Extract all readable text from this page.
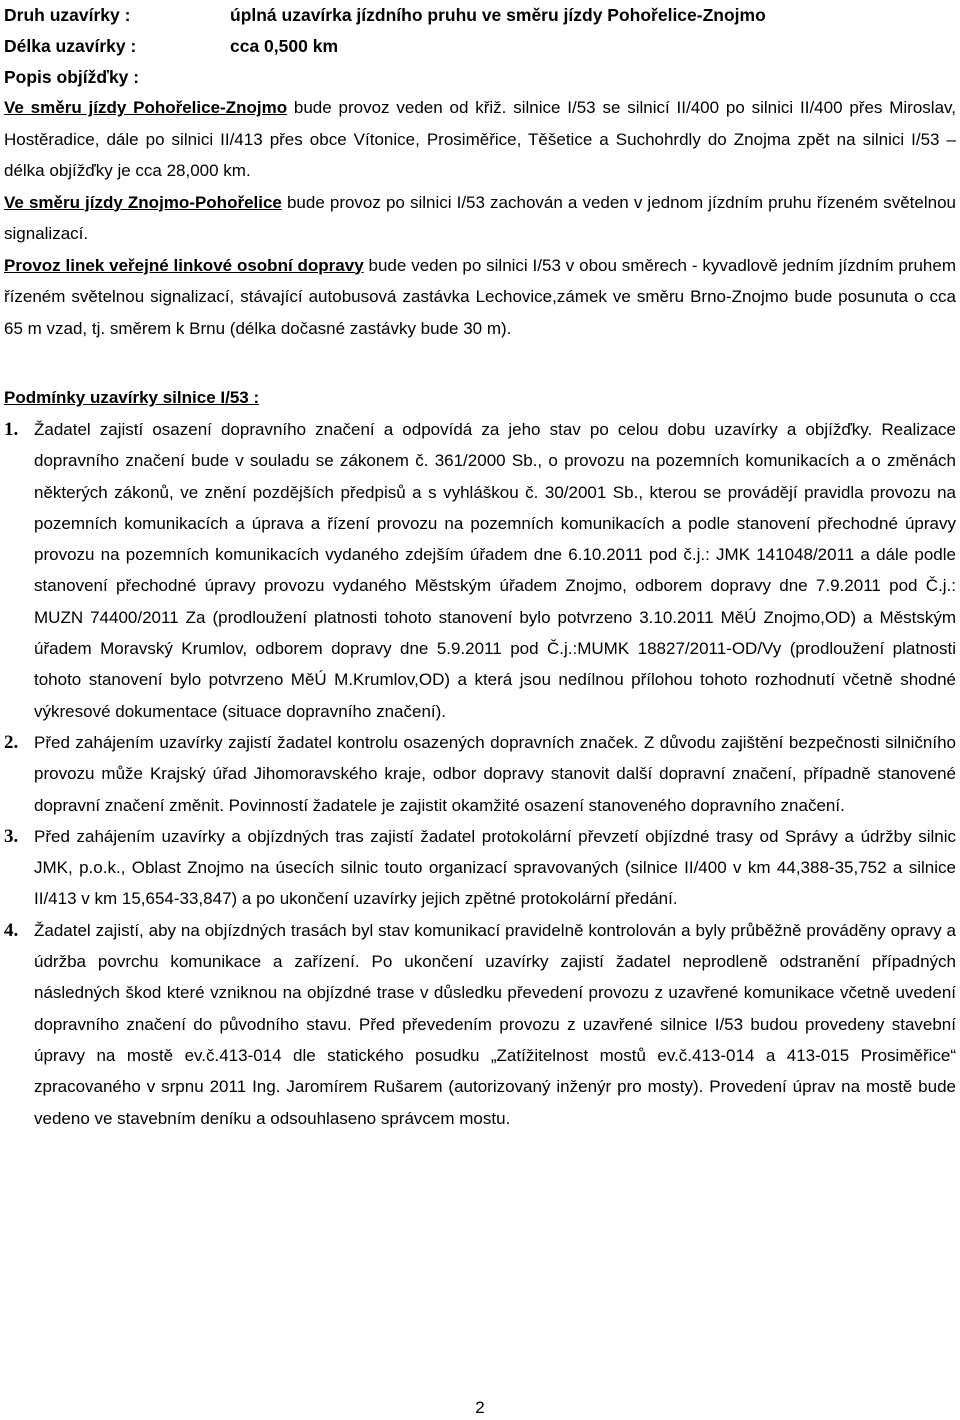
Druh uzavírky :	úplná uzavírka jízdního pruhu ve směru jízdy Pohořelice-Znojmo
Délka uzavírky :	cca 0,500 km
Popis objížďky :

Ve směru jízdy Pohořelice-Znojmo bude provoz veden od křiž. silnice I/53 se silnicí II/400 po silnici II/400 přes Miroslav, Hostěradice, dále po silnici II/413 přes obce Vítonice, Prosiměřice, Těšetice a Suchohrdly do Znojma zpět na silnici I/53 – délka objížďky je cca 28,000 km.

Ve směru jízdy Znojmo-Pohořelice bude provoz po silnici I/53 zachován a veden v jednom jízdním pruhu řízeném světelnou signalizací.

Provoz linek veřejné linkové osobní dopravy bude veden po silnici I/53 v obou směrech - kyvadlově jedním jízdním pruhem řízeném světelnou signalizací, stávající autobusová zastávka Lechovice,zámek ve směru Brno-Znojmo bude posunuta o cca 65 m vzad, tj. směrem k Brnu (délka dočasné zastávky bude 30 m).

Podmínky uzavírky silnice I/53 :

1. Žadatel zajistí osazení dopravního značení a odpovídá za jeho stav po celou dobu uzavírky a objížďky. Realizace dopravního značení bude v souladu se zákonem č. 361/2000 Sb., o provozu na pozemních komunikacích a o změnách některých zákonů, ve znění pozdějších předpisů a s vyhláškou č. 30/2001 Sb., kterou se provádějí pravidla provozu na pozemních komunikacích a úprava a řízení provozu na pozemních komunikacích a podle stanovení přechodné úpravy provozu na pozemních komunikacích vydaného zdejším úřadem dne 6.10.2011 pod č.j.: JMK 141048/2011 a dále podle stanovení přechodné úpravy provozu vydaného Městským úřadem Znojmo, odborem dopravy dne 7.9.2011 pod Č.j.: MUZN 74400/2011 Za (prodloužení platnosti tohoto stanovení bylo potvrzeno 3.10.2011 MěÚ Znojmo,OD) a Městským úřadem Moravský Krumlov, odborem dopravy dne 5.9.2011 pod Č.j.:MUMK 18827/2011-OD/Vy (prodloužení platnosti tohoto stanovení bylo potvrzeno MěÚ M.Krumlov,OD) a která jsou nedílnou přílohou tohoto rozhodnutí včetně shodné výkresové dokumentace (situace dopravního značení).
2. Před zahájením uzavírky zajistí žadatel kontrolu osazených dopravních značek. Z důvodu zajištění bezpečnosti silničního provozu může Krajský úřad Jihomoravského kraje, odbor dopravy stanovit další dopravní značení, případně stanovené dopravní značení změnit. Povinností žadatele je zajistit okamžité osazení stanoveného dopravního značení.
3. Před zahájením uzavírky a objízdných tras zajistí žadatel protokolární převzetí objízdné trasy od Správy a údržby silnic JMK, p.o.k., Oblast Znojmo na úsecích silnic touto organizací spravovaných (silnice II/400 v km 44,388-35,752 a silnice II/413 v km 15,654-33,847) a po ukončení uzavírky jejich zpětné protokolární předání.
4. Žadatel zajistí, aby na objízdných trasách byl stav komunikací pravidelně kontrolován a byly průběžně prováděny opravy a údržba povrchu komunikace a zařízení. Po ukončení uzavírky zajistí žadatel neprodleně odstranění případných následných škod které vzniknou na objízdné trase v důsledku převedení provozu z uzavřené komunikace včetně uvedení dopravního značení do původního stavu. Před převedením provozu z uzavřené silnice I/53 budou provedeny stavební úpravy na mostě ev.č.413-014 dle statického posudku „Zatížitelnost mostů ev.č.413-014 a 413-015 Prosiměřice“ zpracovaného v srpnu 2011 Ing. Jaromírem Rušarem (autorizovaný inženýr pro mosty). Provedení úprav na mostě bude vedeno ve stavebním deníku a odsouhlaseno správcem mostu.
2
